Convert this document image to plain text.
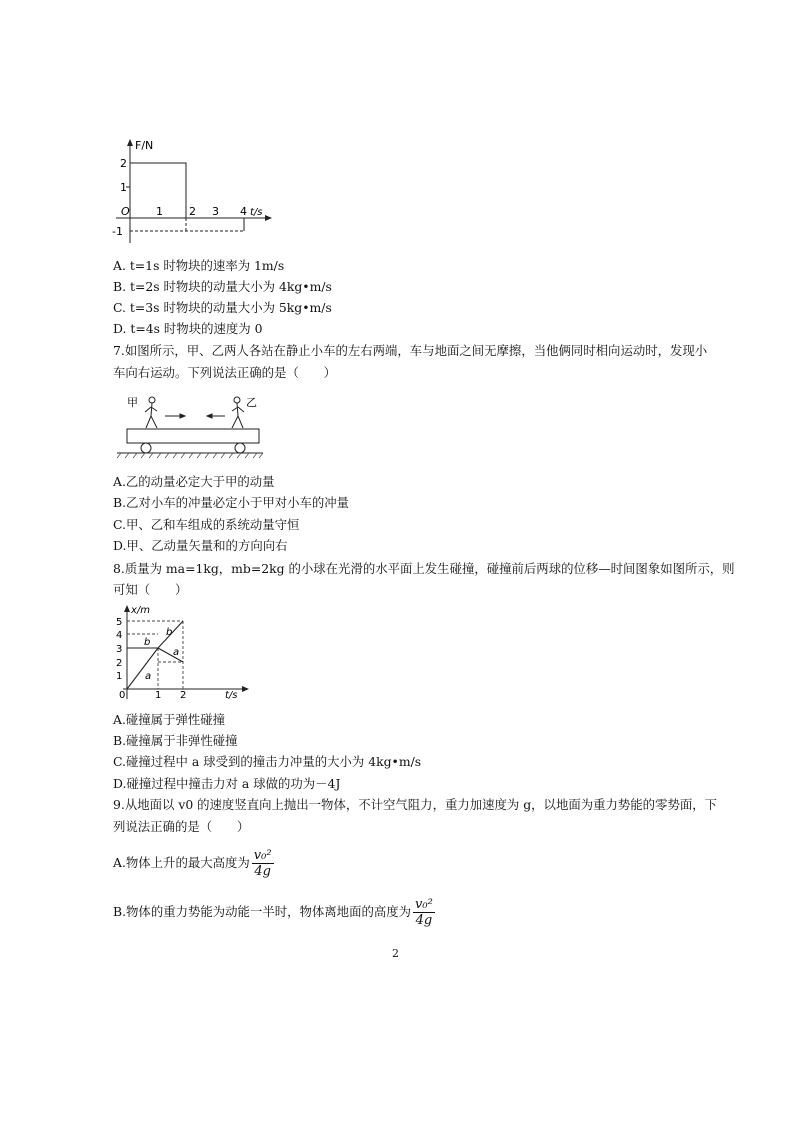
F/N
2
1
-1
O 1 2 3 4 t/s
A. t=1s 时物块的速率为 1m/s
B. t=2s 时物块的动量大小为 4kg•m/s
C. t=3s 时物块的动量大小为 5kg•m/s
D. t=4s 时物块的速度为 0
7.如图所示，甲、乙两人各站在静止小车的左右两端，车与地面之间无摩擦，当他俩同时相向运动时，发现小
车向右运动。下列说法正确的是（　　）
甲	乙
A.乙的动量必定大于甲的动量
B.乙对小车的冲量必定小于甲对小车的冲量
C.甲、乙和车组成的系统动量守恒
D.甲、乙动量矢量和的方向向右
8.质量为 ma=1kg，mb=2kg 的小球在光滑的水平面上发生碰撞，碰撞前后两球的位移—时间图象如图所示，则
可知（　　）
x/m
5
4
3
2
1
0	1 2	t/s
b
b
a
a
A.碰撞属于弹性碰撞
B.碰撞属于非弹性碰撞
C.碰撞过程中 a 球受到的撞击力冲量的大小为 4kg•m/s
D.碰撞过程中撞击力对 a 球做的功为－4J
9.从地面以 v0 的速度竖直向上抛出一物体，不计空气阻力，重力加速度为 g，以地面为重力势能的零势面，下
列说法正确的是（　　）
A.物体上升的最大高度为 $\frac{\text{v₀²}}{4g}$
B.物体的重力势能为动能一半时，物体离地面的高度为 $\frac{\text{v₀²}}{4g}$
2
